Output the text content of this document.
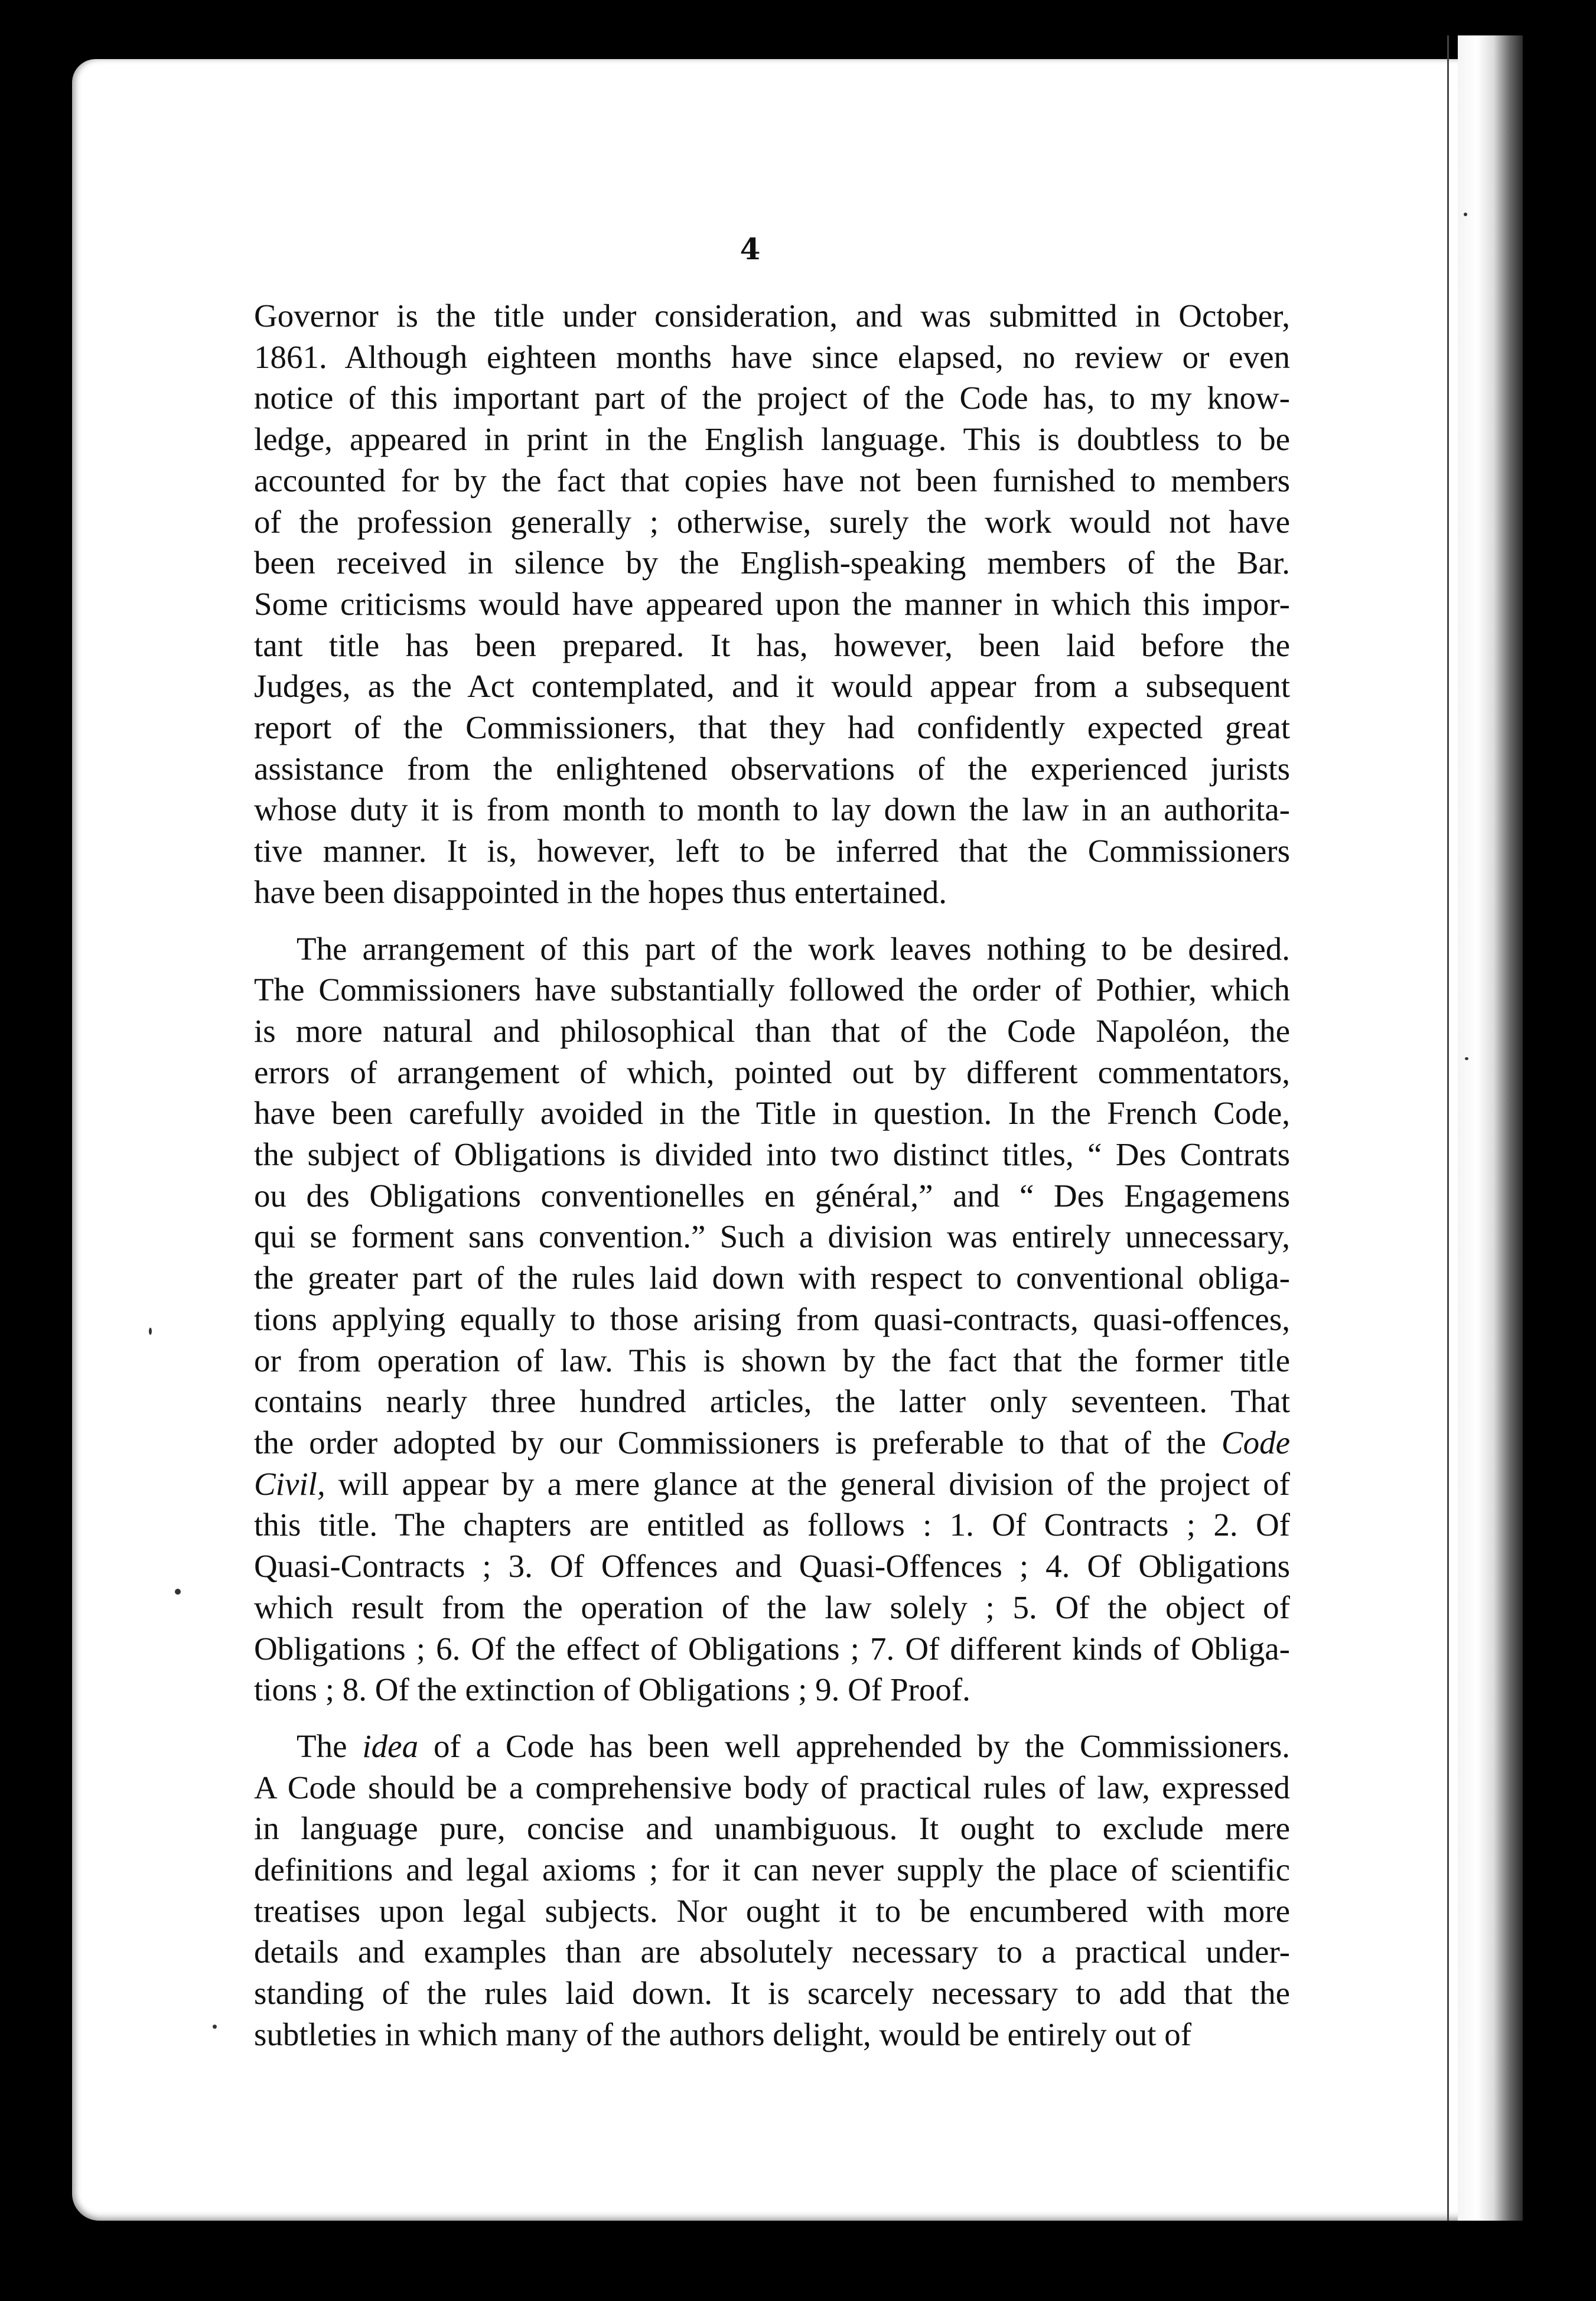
4
Governor is the title under consideration, and was submitted in October,
1861. Although eighteen months have since elapsed, no review or even
notice of this important part of the project of the Code has, to my know-
ledge, appeared in print in the English language. This is doubtless to be
accounted for by the fact that copies have not been furnished to members
of the profession generally ; otherwise, surely the work would not have
been received in silence by the English-speaking members of the Bar.
Some criticisms would have appeared upon the manner in which this impor-
tant title has been prepared. It has, however, been laid before the
Judges, as the Act contemplated, and it would appear from a subsequent
report of the Commissioners, that they had confidently expected great
assistance from the enlightened observations of the experienced jurists
whose duty it is from month to month to lay down the law in an authorita-
tive manner. It is, however, left to be inferred that the Commissioners
have been disappointed in the hopes thus entertained.
The arrangement of this part of the work leaves nothing to be desired.
The Commissioners have substantially followed the order of Pothier, which
is more natural and philosophical than that of the Code Napoléon, the
errors of arrangement of which, pointed out by different commentators,
have been carefully avoided in the Title in question. In the French Code,
the subject of Obligations is divided into two distinct titles, “ Des Contrats
ou des Obligations conventionelles en général,” and “ Des Engagemens
qui se forment sans convention.” Such a division was entirely unnecessary,
the greater part of the rules laid down with respect to conventional obliga-
tions applying equally to those arising from quasi-contracts, quasi-offences,
or from operation of law. This is shown by the fact that the former title
contains nearly three hundred articles, the latter only seventeen. That
the order adopted by our Commissioners is preferable to that of the Code
Civil, will appear by a mere glance at the general division of the project of
this title. The chapters are entitled as follows : 1. Of Contracts ; 2. Of
Quasi-Contracts ; 3. Of Offences and Quasi-Offences ; 4. Of Obligations
which result from the operation of the law solely ; 5. Of the object of
Obligations ; 6. Of the effect of Obligations ; 7. Of different kinds of Obliga-
tions ; 8. Of the extinction of Obligations ; 9. Of Proof.
The idea of a Code has been well apprehended by the Commissioners.
A Code should be a comprehensive body of practical rules of law, expressed
in language pure, concise and unambiguous. It ought to exclude mere
definitions and legal axioms ; for it can never supply the place of scientific
treatises upon legal subjects. Nor ought it to be encumbered with more
details and examples than are absolutely necessary to a practical under-
standing of the rules laid down. It is scarcely necessary to add that the
subtleties in which many of the authors delight, would be entirely out of
